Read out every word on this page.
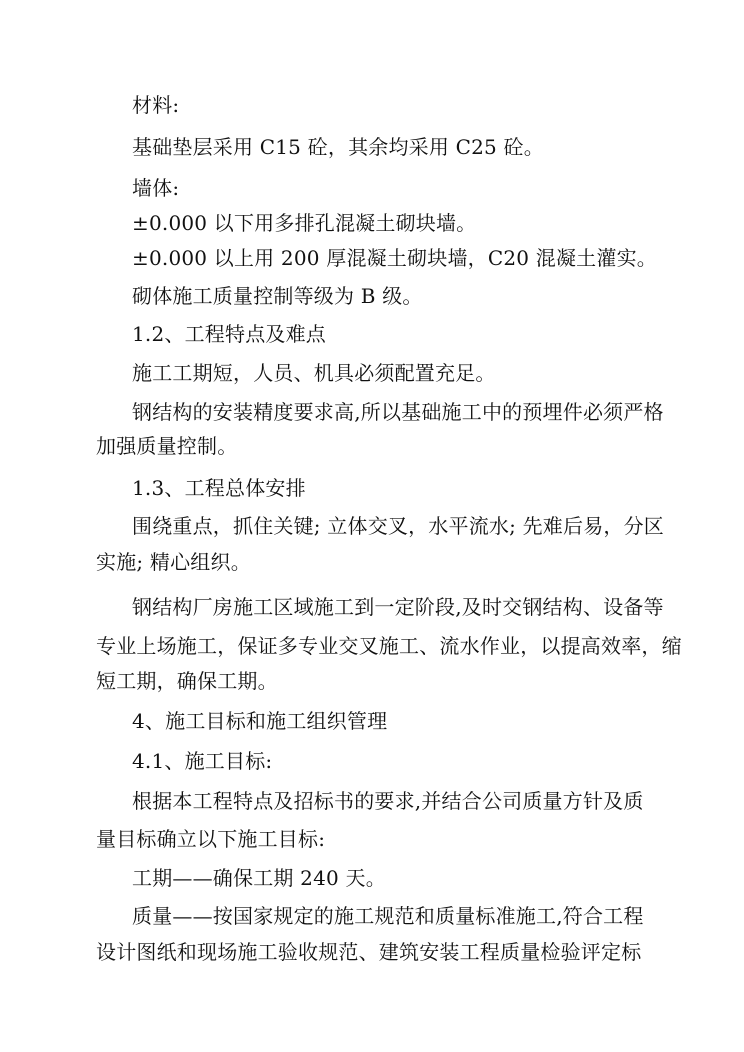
材料:
基础垫层采用 C15 砼，其余均采用 C25 砼。
墙体:
±0.000 以下用多排孔混凝土砌块墙。
±0.000 以上用 200 厚混凝土砌块墙，C20 混凝土灌实。
砌体施工质量控制等级为 B 级。
1.2、工程特点及难点
施工工期短，人员、机具必须配置充足。
钢结构的安装精度要求高,所以基础施工中的预埋件必须严格
加强质量控制。
1.3、工程总体安排
围绕重点，抓住关键; 立体交叉，水平流水; 先难后易，分区
实施; 精心组织。
钢结构厂房施工区域施工到一定阶段,及时交钢结构、设备等
专业上场施工，保证多专业交叉施工、流水作业，以提高效率，缩
短工期，确保工期。
4、施工目标和施工组织管理
4.1、施工目标:
根据本工程特点及招标书的要求,并结合公司质量方针及质
量目标确立以下施工目标:
工期——确保工期 240 天。
质量——按国家规定的施工规范和质量标准施工,符合工程
设计图纸和现场施工验收规范、建筑安装工程质量检验评定标
